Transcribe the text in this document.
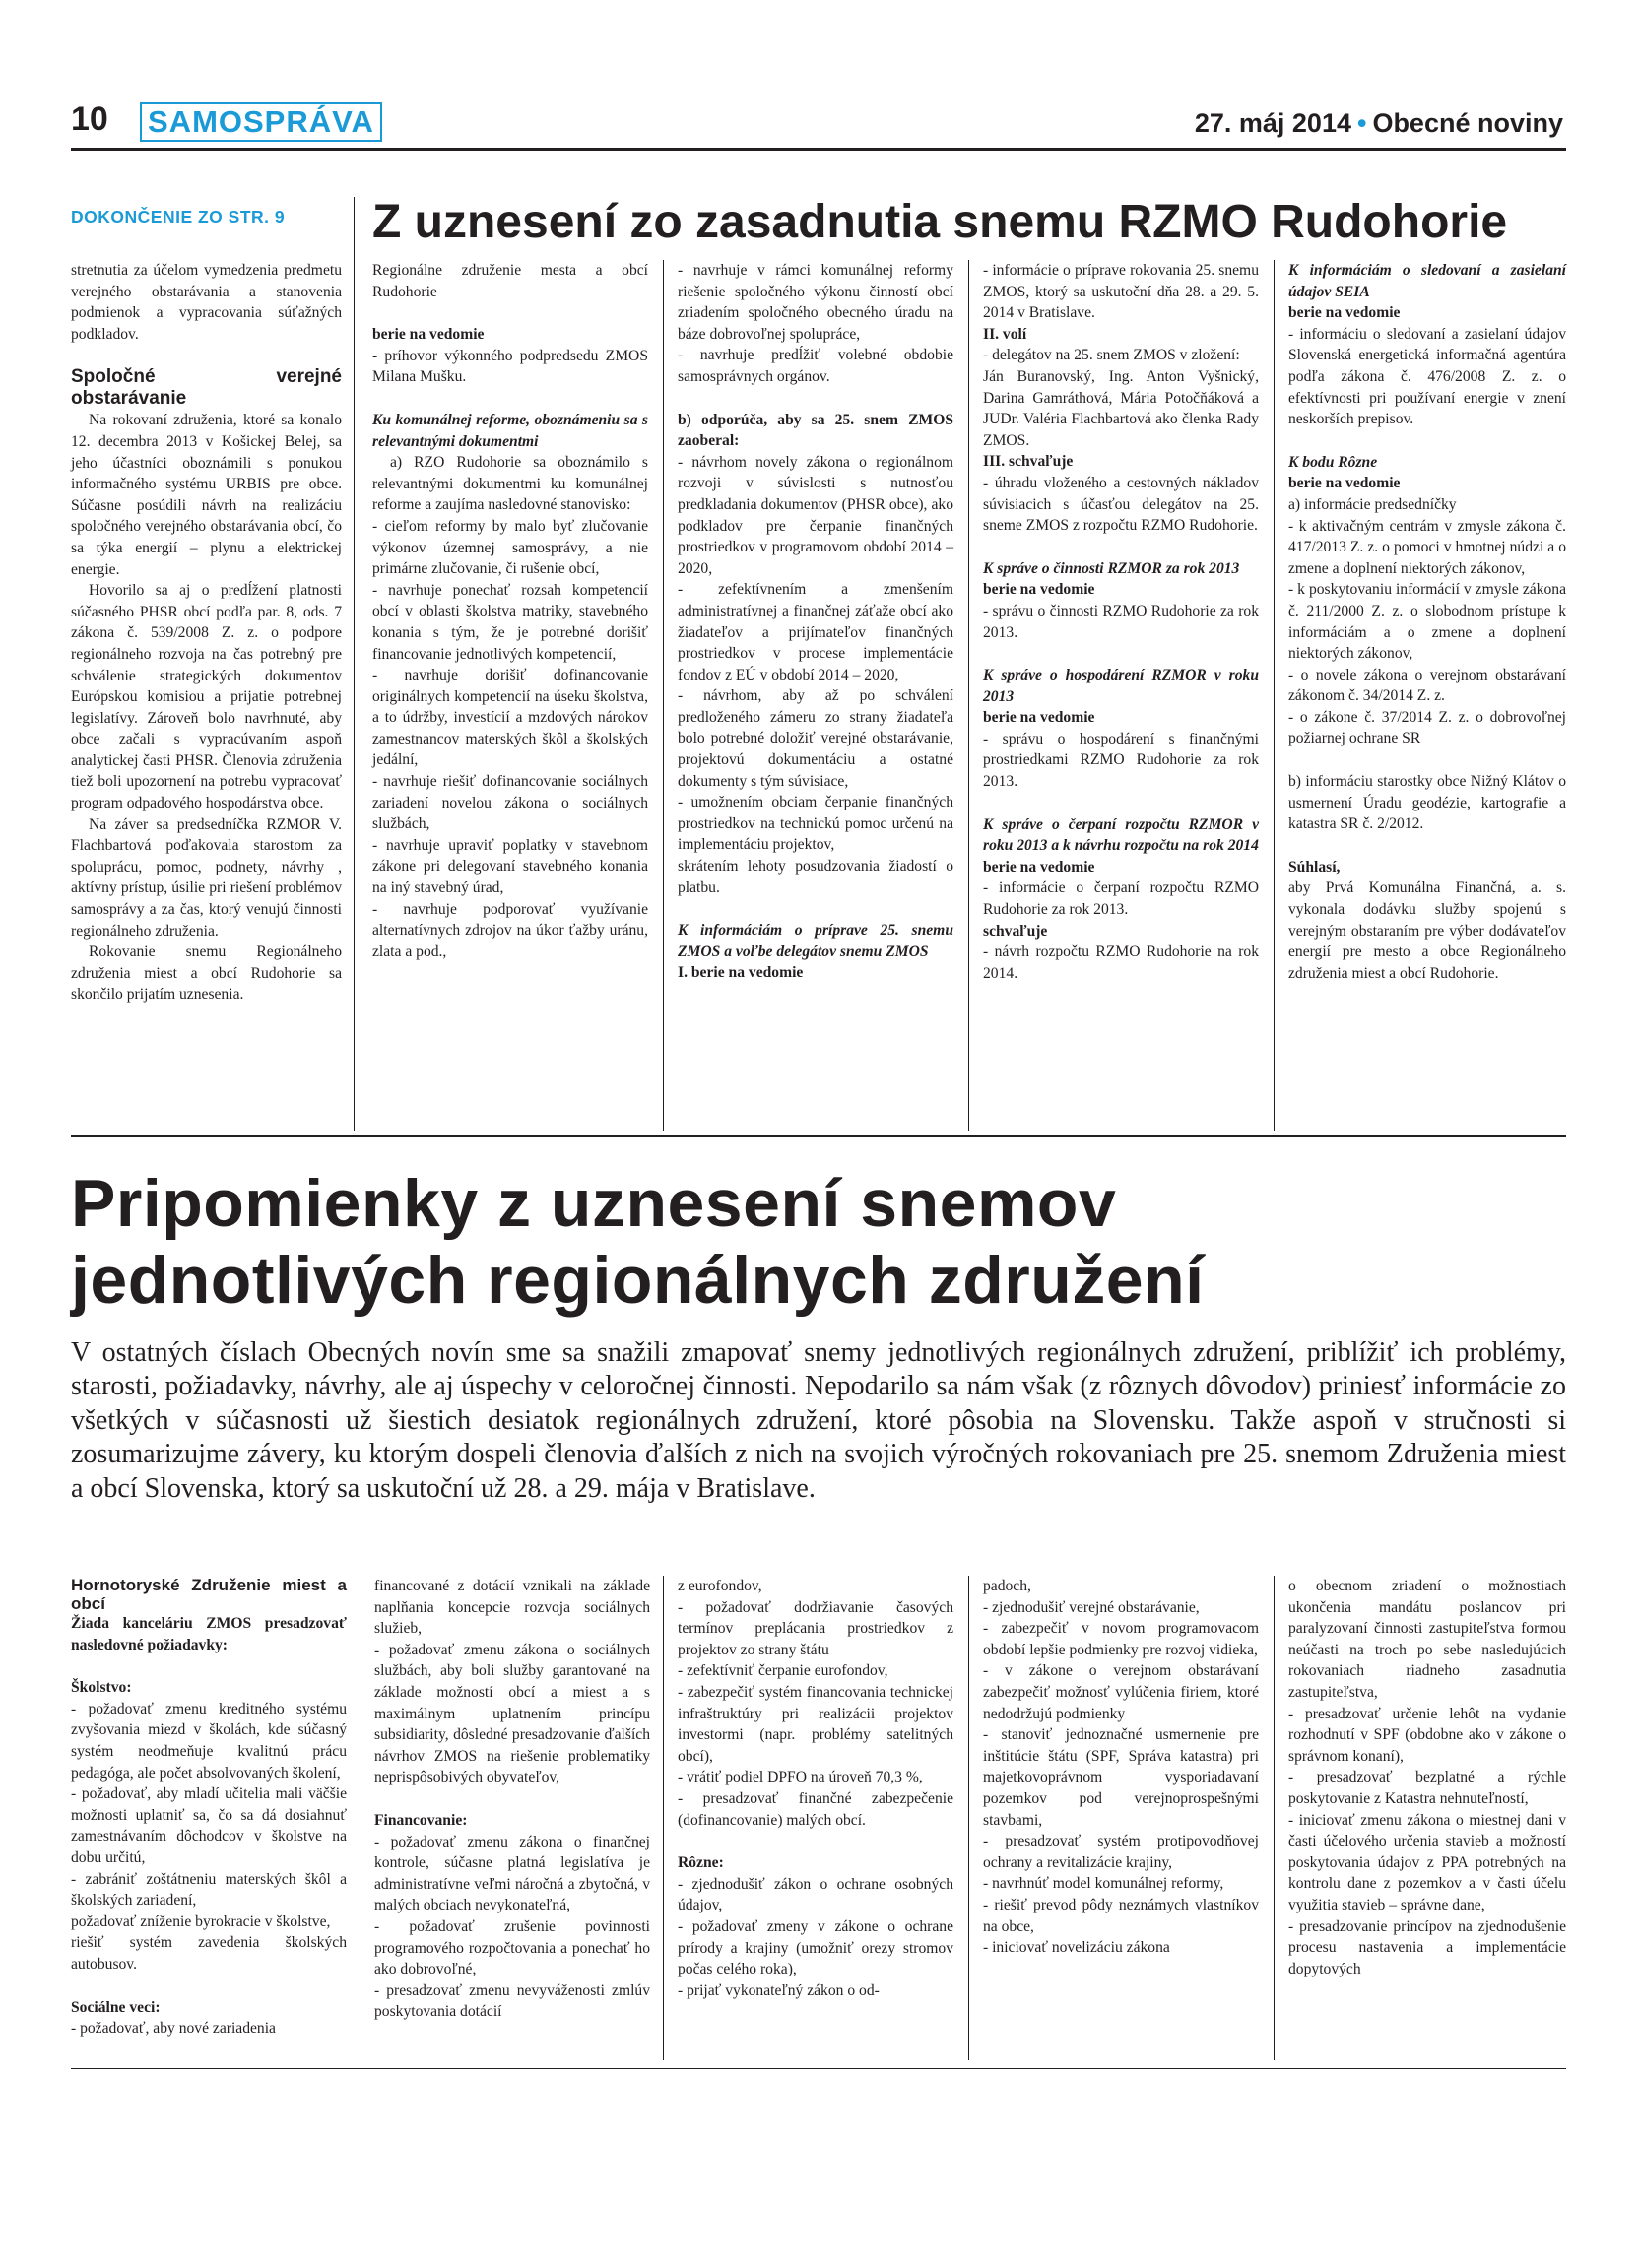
10 SAMOSPRÁVA	27. máj 2014 • Obecné noviny
DOKONČENIE ZO STR. 9

stretnutia za účelom vymedzenia predmetu verejného obstarávania a stanovenia podmienok a vypracovania súťažných podkladov.

Spoločné verejné obstarávanie

Na rokovaní združenia, ktoré sa konalo 12. decembra 2013 v Košickej Belej, sa jeho účastníci oboznámili s ponukou informačného systému URBIS pre obce. Súčasne posúdili návrh na realizáciu spoločného verejného obstarávania obcí, čo sa týka energií – plynu a elektrickej energie.

Hovorilo sa aj o predĺžení platnosti súčasného PHSR obcí podľa par. 8, ods. 7 zákona č. 539/2008 Z. z. o podpore regionálneho rozvoja na čas potrebný pre schválenie strategických dokumentov Európskou komisiou a prijatie potrebnej legislatívy. Zároveň bolo navrhnuté, aby obce začali s vypracúvaním aspoň analytickej časti PHSR. Členovia združenia tiež boli upozornení na potrebu vypracovať program odpadového hospodárstva obce.

Na záver sa predsedníčka RZMOR V. Flachbartová poďakovala starostom za spoluprácu, pomoc, podnety, návrhy , aktívny prístup, úsilie pri riešení problémov samosprávy a za čas, ktorý venujú činnosti regionálneho združenia.

Rokovanie snemu Regionálneho združenia miest a obcí Rudohorie sa skončilo prijatím uznesenia.

Z uznesení zo zasadnutia snemu RZMO Rudohorie

Regionálne združenie mesta a obcí Rudohorie

berie na vedomie

- príhovor výkonného podpredsedu ZMOS Milana Mušku.

Ku komunálnej reforme, oboznámeniu sa s relevantnými dokumentmi

a) RZO Rudohorie sa oboznámilo s relevantnými dokumentmi ku komunálnej reforme a zaujíma nasledovné stanovisko:

- cieľom reformy by malo byť zlučovanie výkonov územnej samosprávy, a nie primárne zlučovanie, či rušenie obcí,

- navrhuje ponechať rozsah kompetencií obcí v oblasti školstva matriky, stavebného konania s tým, že je potrebné dorišiť financovanie jednotlivých kompetencií,

- navrhuje dorišiť dofinancovanie originálnych kompetencií na úseku školstva, a to údržby, investícií a mzdových nárokov zamestnancov materských škôl a školských jedální,

- navrhuje riešiť dofinancovanie sociálnych zariadení novelou zákona o sociálnych službách,

- navrhuje upraviť poplatky v stavebnom zákone pri delegovaní stavebného konania na iný stavebný úrad,

- navrhuje podporovať využívanie alternatívnych zdrojov na úkor ťažby uránu, zlata a pod.,

- navrhuje v rámci komunálnej reformy riešenie spoločného výkonu činností obcí zriadením spoločného obecného úradu na báze dobrovoľnej spolupráce,

- navrhuje predĺžiť volebné obdobie samosprávnych orgánov.

b) odporúča, aby sa 25. snem ZMOS zaoberal:

- návrhom novely zákona o regionálnom rozvoji v súvislosti s nutnosťou predkladania dokumentov (PHSR obce), ako podkladov pre čerpanie finančných prostriedkov v programovom období 2014 – 2020,

- zefektívnením a zmenšením administratívnej a finančnej záťaže obcí ako žiadateľov a prijímateľov finančných prostriedkov v procese implementácie fondov z EÚ v období 2014 – 2020,

- návrhom, aby až po schválení predloženého zámeru zo strany žiadateľa bolo potrebné doložiť verejné obstarávanie, projektovú dokumentáciu a ostatné dokumenty s tým súvisiace,

- umožnením obciam čerpanie finančných prostriedkov na technickú pomoc určenú na implementáciu projektov,

skrátením lehoty posudzovania žiadostí o platbu.

K informáciám o príprave 25. snemu ZMOS a voľbe delegátov snemu ZMOS

I. berie na vedomie

- informácie o príprave rokovania 25. snemu ZMOS, ktorý sa uskutoční dňa 28. a 29. 5. 2014 v Bratislave.

II. volí

- delegátov na 25. snem ZMOS v zložení:

Ján Buranovský, Ing. Anton Vyšnický, Darina Gamráthová, Mária Potočňáková a JUDr. Valéria Flachbartová ako členka Rady ZMOS.

III. schvaľuje

- úhradu vloženého a cestovných nákladov súvisiacich s účasťou delegátov na 25. sneme ZMOS z rozpočtu RZMO Rudohorie.

K správe o činnosti RZMOR za rok 2013

berie na vedomie

- správu o činnosti RZMO Rudohorie za rok 2013.

K správe o hospodárení RZMOR v roku 2013

berie na vedomie

- správu o hospodárení s finančnými prostriedkami RZMO Rudohorie za rok 2013.

K správe o čerpaní rozpočtu RZMOR v roku 2013 a k návrhu rozpočtu na rok 2014

berie na vedomie

- informácie o čerpaní rozpočtu RZMO Rudohorie za rok 2013.

schvaľuje

- návrh rozpočtu RZMO Rudohorie na rok 2014.

K informáciám o sledovaní a zasielaní údajov SEIA

berie na vedomie

- informáciu o sledovaní a zasielaní údajov Slovenská energetická informačná agentúra podľa zákona č. 476/2008 Z. z. o efektívnosti pri používaní energie v znení neskorších prepisov.

K bodu Rôzne

berie na vedomie

a) informácie predsedníčky

- k aktivačným centrám v zmysle zákona č. 417/2013 Z. z. o pomoci v hmotnej núdzi a o zmene a doplnení niektorých zákonov,

- k poskytovaniu informácií v zmysle zákona č. 211/2000 Z. z. o slobodnom prístupe k informáciám a o zmene a doplnení niektorých zákonov,

- o novele zákona o verejnom obstarávaní zákonom č. 34/2014 Z. z.

- o zákone č. 37/2014 Z. z. o dobrovoľnej požiarnej ochrane SR

b) informáciu starostky obce Nižný Klátov o usmernení Úradu geodézie, kartografie a katastra SR č. 2/2012.

Súhlasí,

aby Prvá Komunálna Finančná, a. s. vykonala dodávku služby spojenú s verejným obstaraním pre výber dodávateľov energií pre mesto a obce Regionálneho združenia miest a obcí Rudohorie.

Pripomienky z uznesení snemov
jednotlivých regionálnych združení
V ostatných číslach Obecných novín sme sa snažili zmapovať snemy jednotlivých regionálnych združení, priblížiť ich problémy, starosti, požiadavky, návrhy, ale aj úspechy v celoročnej činnosti. Nepodarilo sa nám však (z rôznych dôvodov) priniesť informácie zo všetkých v súčasnosti už šiestich desiatok regionálnych združení, ktoré pôsobia na Slovensku. Takže aspoň v stručnosti si zosumarizujme závery, ku ktorým dospeli členovia ďalších z nich na svojich výročných rokovaniach pre 25. snemom Združenia miest a obcí Slovenska, ktorý sa uskutoční už 28. a 29. mája v Bratislave.

Hornotoryské Združenie miest a obcí

Žiada kanceláriu ZMOS presadzovať nasledovné požiadavky:

Školstvo:

- požadovať zmenu kreditného systému zvyšovania miezd v školách, kde súčasný systém neodmeňuje kvalitnú prácu pedagóga, ale počet absolvovaných školení,

- požadovať, aby mladí učitelia mali väčšie možnosti uplatniť sa, čo sa dá dosiahnuť zamestnávaním dôchodcov v školstve na dobu určitú,

- zabrániť zoštátneniu materských škôl a školských zariadení,

požadovať zníženie byrokracie v školstve,

riešiť systém zavedenia školských autobusov.

Sociálne veci:

- požadovať, aby nové zariadenia

financované z dotácií vznikali na základe naplňania koncepcie rozvoja sociálnych služieb,

- požadovať zmenu zákona o sociálnych službách, aby boli služby garantované na základe možností obcí a miest a s maximálnym uplatnením princípu subsidiarity, dôsledné presadzovanie ďalších návrhov ZMOS na riešenie problematiky neprispôsobivých obyvateľov,

Financovanie:

- požadovať zmenu zákona o finančnej kontrole, súčasne platná legislatíva je administratívne veľmi náročná a zbytočná, v malých obciach nevykonateľná,

- požadovať zrušenie povinnosti programového rozpočtovania a ponechať ho ako dobrovoľné,

- presadzovať zmenu nevyváženosti zmlúv poskytovania dotácií

z eurofondov,

- požadovať dodržiavanie časových termínov preplácania prostriedkov z projektov zo strany štátu

- zefektívniť čerpanie eurofondov,

- zabezpečiť systém financovania technickej infraštruktúry pri realizácii projektov investormi (napr. problémy satelitných obcí),

- vrátiť podiel DPFO na úroveň 70,3 %,

- presadzovať finančné zabezpečenie (dofinancovanie) malých obcí.

Rôzne:

- zjednodušiť zákon o ochrane osobných údajov,

- požadovať zmeny v zákone o ochrane prírody a krajiny (umožniť orezy stromov počas celého roka),

- prijať vykonateľný zákon o od-

padoch,

- zjednodušiť verejné obstarávanie,

- zabezpečiť v novom programovacom období lepšie podmienky pre rozvoj vidieka,

- v zákone o verejnom obstarávaní zabezpečiť možnosť vylúčenia firiem, ktoré nedodržujú podmienky

- stanoviť jednoznačné usmernenie pre inštitúcie štátu (SPF, Správa katastra) pri majetkovoprávnom vysporiadavaní pozemkov pod verejnoprospešnými stavbami,

- presadzovať systém protipovodňovej ochrany a revitalizácie krajiny,

- navrhnúť model komunálnej reformy,

- riešiť prevod pôdy neznámych vlastníkov na obce,

- iniciovať novelizáciu zákona

o obecnom zriadení o možnostiach ukončenia mandátu poslancov pri paralyzovaní činnosti zastupiteľstva formou neúčasti na troch po sebe nasledujúcich rokovaniach riadneho zasadnutia zastupiteľstva,

- presadzovať určenie lehôt na vydanie rozhodnutí v SPF (obdobne ako v zákone o správnom konaní),

- presadzovať bezplatné a rýchle poskytovanie z Katastra nehnuteľností,

- iniciovať zmenu zákona o miestnej dani v časti účelového určenia stavieb a možností poskytovania údajov z PPA potrebných na kontrolu dane z pozemkov a v časti účelu využitia stavieb – správne dane,

- presadzovanie princípov na zjednodušenie procesu nastavenia a implementácie dopytových
